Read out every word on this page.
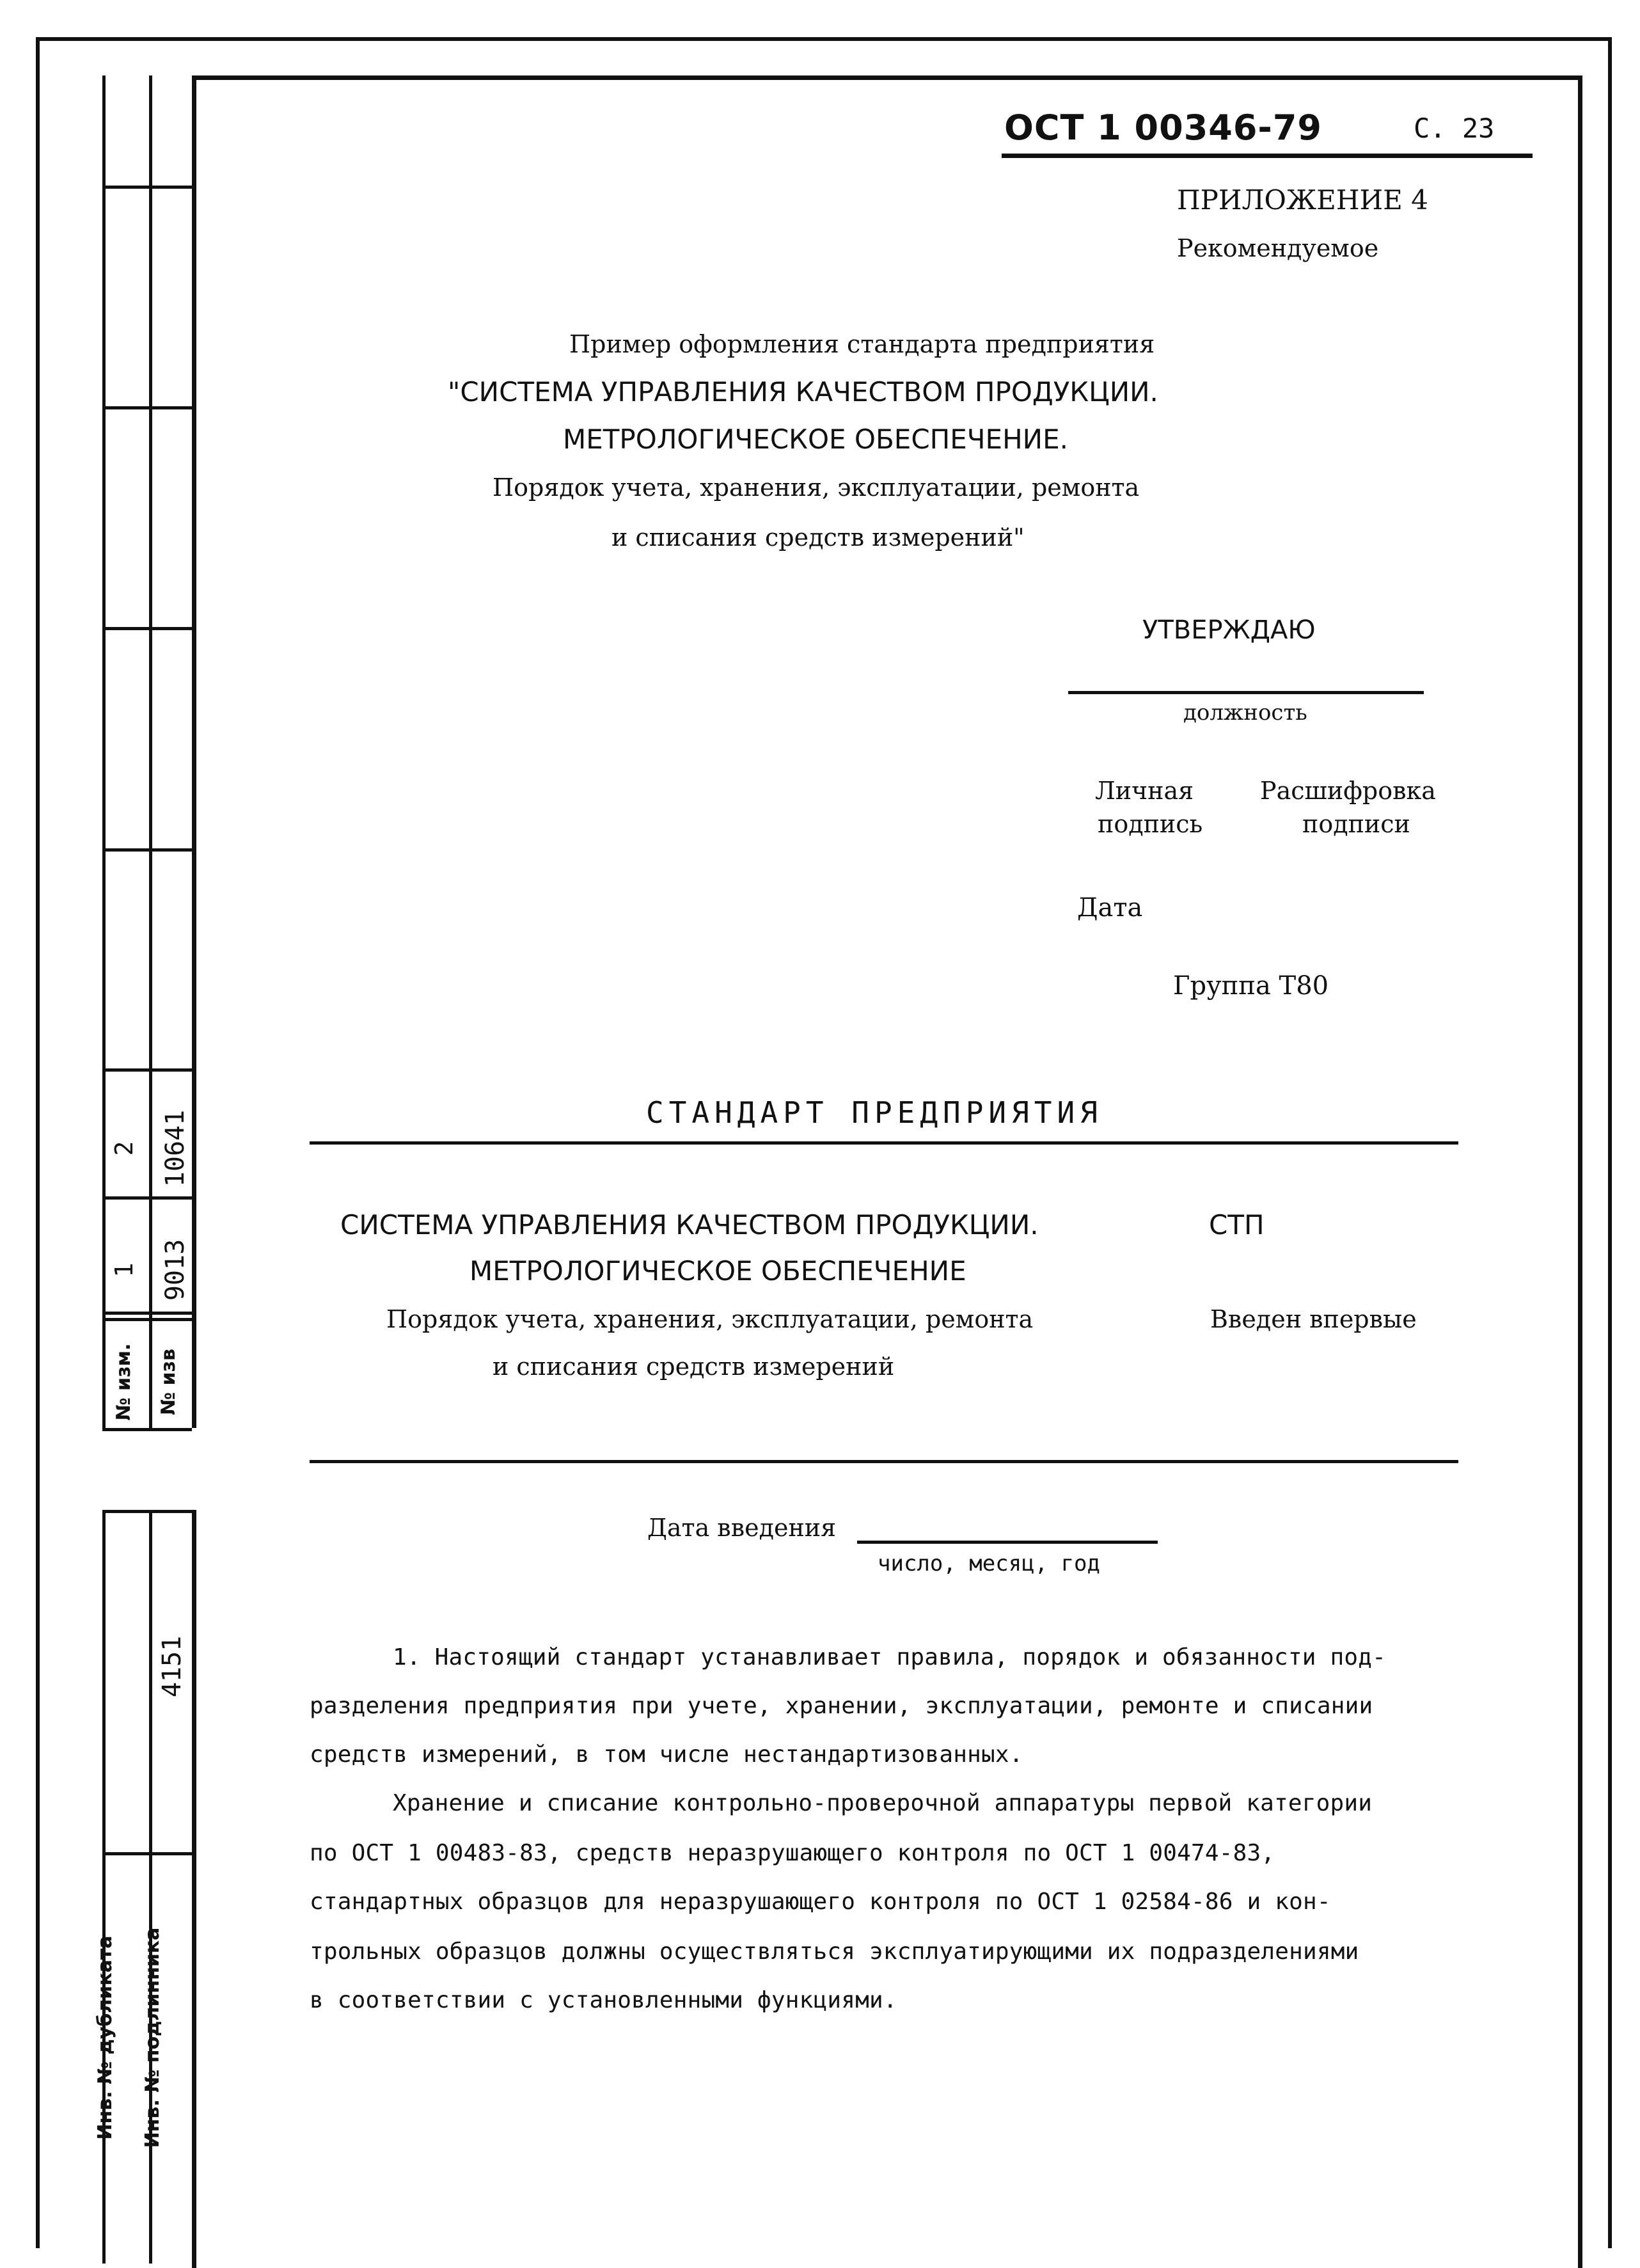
2
1
№ изм.
10641
9013
№ изв
4151
Инв. № дубликата Инв. № подлинника
ОСТ 1 00346-79	С. 23
ПРИЛОЖЕНИЕ 4
Рекомендуемое
Пример оформления стандарта предприятия
"СИСТЕМА УПРАВЛЕНИЯ КАЧЕСТВОМ ПРОДУКЦИИ.
МЕТРОЛОГИЧЕСКОЕ ОБЕСПЕЧЕНИЕ.
Порядок учета, хранения, эксплуатации, ремонта
и списания средств измерений"
УТВЕРЖДАЮ
должность
Личная
подпись
Расшифровка
подписи
Дата
Группа Т80
СТАНДАРТ ПРЕДПРИЯТИЯ
СИСТЕМА УПРАВЛЕНИЯ КАЧЕСТВОМ ПРОДУКЦИИ.
МЕТРОЛОГИЧЕСКОЕ ОБЕСПЕЧЕНИЕ
Порядок учета, хранения, эксплуатации, ремонта
и списания средств измерений
СТП
Введен впервые
Дата введения
число, месяц, год
1. Настоящий стандарт устанавливает правила, порядок и обязанности под-
разделения предприятия при учете, хранении, эксплуатации, ремонте и списании
средств измерений, в том числе нестандартизованных.
Хранение и списание контрольно-проверочной аппаратуры первой категории
по ОСТ 1 00483-83, средств неразрушающего контроля по ОСТ 1 00474-83,
стандартных образцов для неразрушающего контроля по ОСТ 1 02584-86 и кон-
трольных образцов должны осуществляться эксплуатирующими их подразделениями
в соответствии с установленными функциями.
